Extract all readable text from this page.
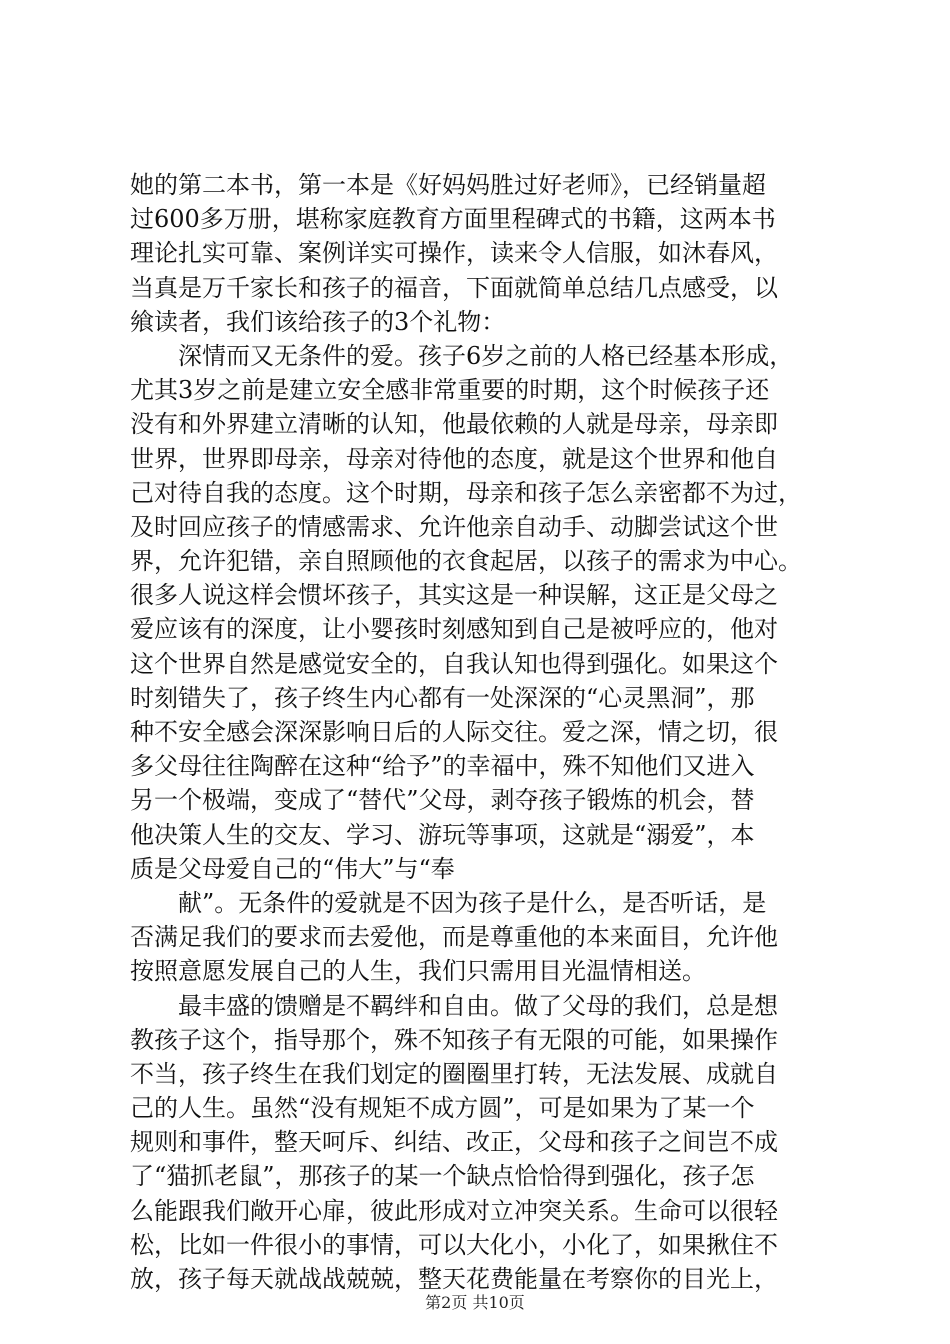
她的第二本书，第一本是《好妈妈胜过好老师》，已经销量超
过600多万册，堪称家庭教育方面里程碑式的书籍，这两本书
理论扎实可靠、案例详实可操作，读来令人信服，如沐春风，
当真是万千家长和孩子的福音，下面就简单总结几点感受，以
飨读者，我们该给孩子的3个礼物：
深情而又无条件的爱。孩子6岁之前的人格已经基本形成，
尤其3岁之前是建立安全感非常重要的时期，这个时候孩子还
没有和外界建立清晰的认知，他最依赖的人就是母亲，母亲即
世界，世界即母亲，母亲对待他的态度，就是这个世界和他自
己对待自我的态度。这个时期，母亲和孩子怎么亲密都不为过，
及时回应孩子的情感需求、允许他亲自动手、动脚尝试这个世
界，允许犯错，亲自照顾他的衣食起居，以孩子的需求为中心。
很多人说这样会惯坏孩子，其实这是一种误解，这正是父母之
爱应该有的深度，让小婴孩时刻感知到自己是被呼应的，他对
这个世界自然是感觉安全的，自我认知也得到强化。如果这个
时刻错失了，孩子终生内心都有一处深深的“心灵黑洞”，那
种不安全感会深深影响日后的人际交往。爱之深，情之切，很
多父母往往陶醉在这种“给予”的幸福中，殊不知他们又进入
另一个极端，变成了“替代”父母，剥夺孩子锻炼的机会，替
他决策人生的交友、学习、游玩等事项，这就是“溺爱”，本
质是父母爱自己的“伟大”与“奉
献”。无条件的爱就是不因为孩子是什么，是否听话，是
否满足我们的要求而去爱他，而是尊重他的本来面目，允许他
按照意愿发展自己的人生，我们只需用目光温情相送。
最丰盛的馈赠是不羁绊和自由。做了父母的我们，总是想
教孩子这个，指导那个，殊不知孩子有无限的可能，如果操作
不当，孩子终生在我们划定的圈圈里打转，无法发展、成就自
己的人生。虽然“没有规矩不成方圆”，可是如果为了某一个
规则和事件，整天呵斥、纠结、改正，父母和孩子之间岂不成
了“猫抓老鼠”，那孩子的某一个缺点恰恰得到强化，孩子怎
么能跟我们敞开心扉，彼此形成对立冲突关系。生命可以很轻
松，比如一件很小的事情，可以大化小，小化了，如果揪住不
放，孩子每天就战战兢兢，整天花费能量在考察你的目光上，
第2页 共10页
